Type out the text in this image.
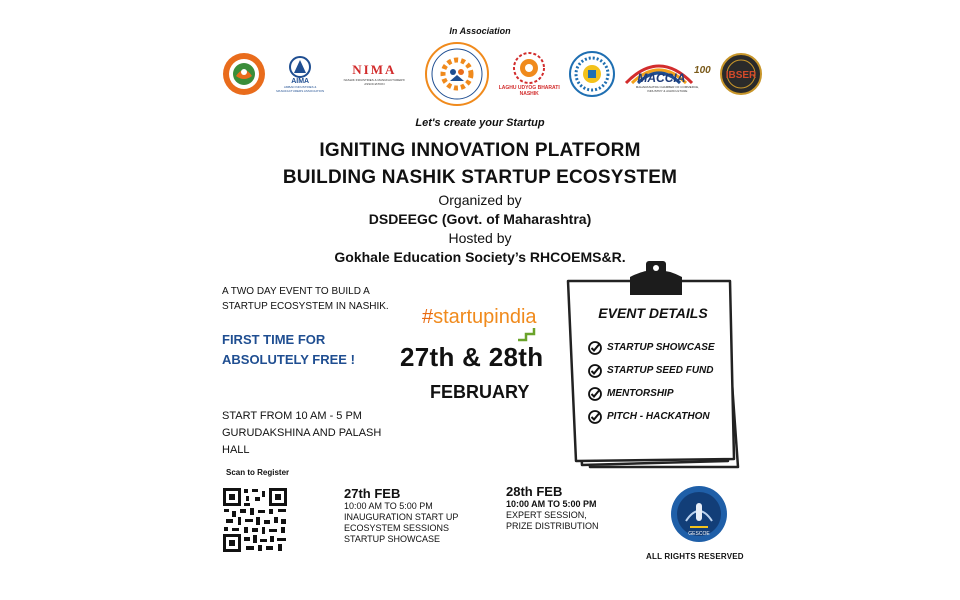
In Association
AIMA
AMBAD INDUSTRIES & MANUFACTURERS ASSOCIATION
NIMA
NASHIK INDUSTRIES & MANUFACTURERS' ASSOCIATION
LAGHU UDYOG BHARATI
NASHIK
100
MACCIA
MAHARASHTRA CHAMBER OF COMMERCE, INDUSTRY & AGRICULTURE
IBSER
Let's create your Startup
IGNITING INNOVATION PLATFORM
BUILDING NASHIK STARTUP ECOSYSTEM
Organized by
DSDEEGC (Govt. of Maharashtra)
Hosted by
Gokhale Education Society’s RHCOEMS&R.
A TWO DAY EVENT TO BUILD A
STARTUP ECOSYSTEM IN NASHIK.
FIRST TIME FOR
ABSOLUTELY FREE !
#startupindia
27th & 28th
FEBRUARY
START FROM 10 AM - 5 PM
GURUDAKSHINA AND PALASH
HALL
Scan to Register
27th FEB
10:00 AM TO 5:00 PM
INAUGURATION START UP
ECOSYSTEM SESSIONS
STARTUP SHOWCASE
28th FEB
10:00 AM TO 5:00 PM
EXPERT SESSION,
PRIZE DISTRIBUTION
GESCOE
ALL RIGHTS RESERVED
EVENT DETAILS
STARTUP SHOWCASE
STARTUP SEED FUND
MENTORSHIP
PITCH - HACKATHON
